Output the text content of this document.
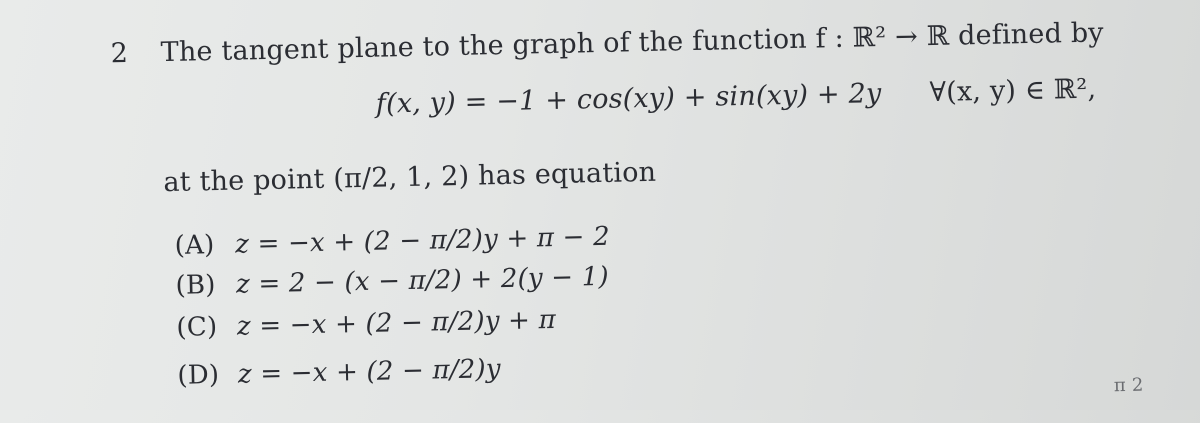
2 The tangent plane to the graph of the function f : ℝ² → ℝ defined by
f(x, y) = −1 + cos(xy) + sin(xy) + 2y ∀(x, y) ∈ ℝ²,
at the point (π/2, 1, 2) has equation
(A) z = −x + (2 − π/2)y + π − 2
(B) z = 2 − (x − π/2) + 2(y − 1)
(C) z = −x + (2 − π/2)y + π
(D) z = −x + (2 − π/2)y	π 2
